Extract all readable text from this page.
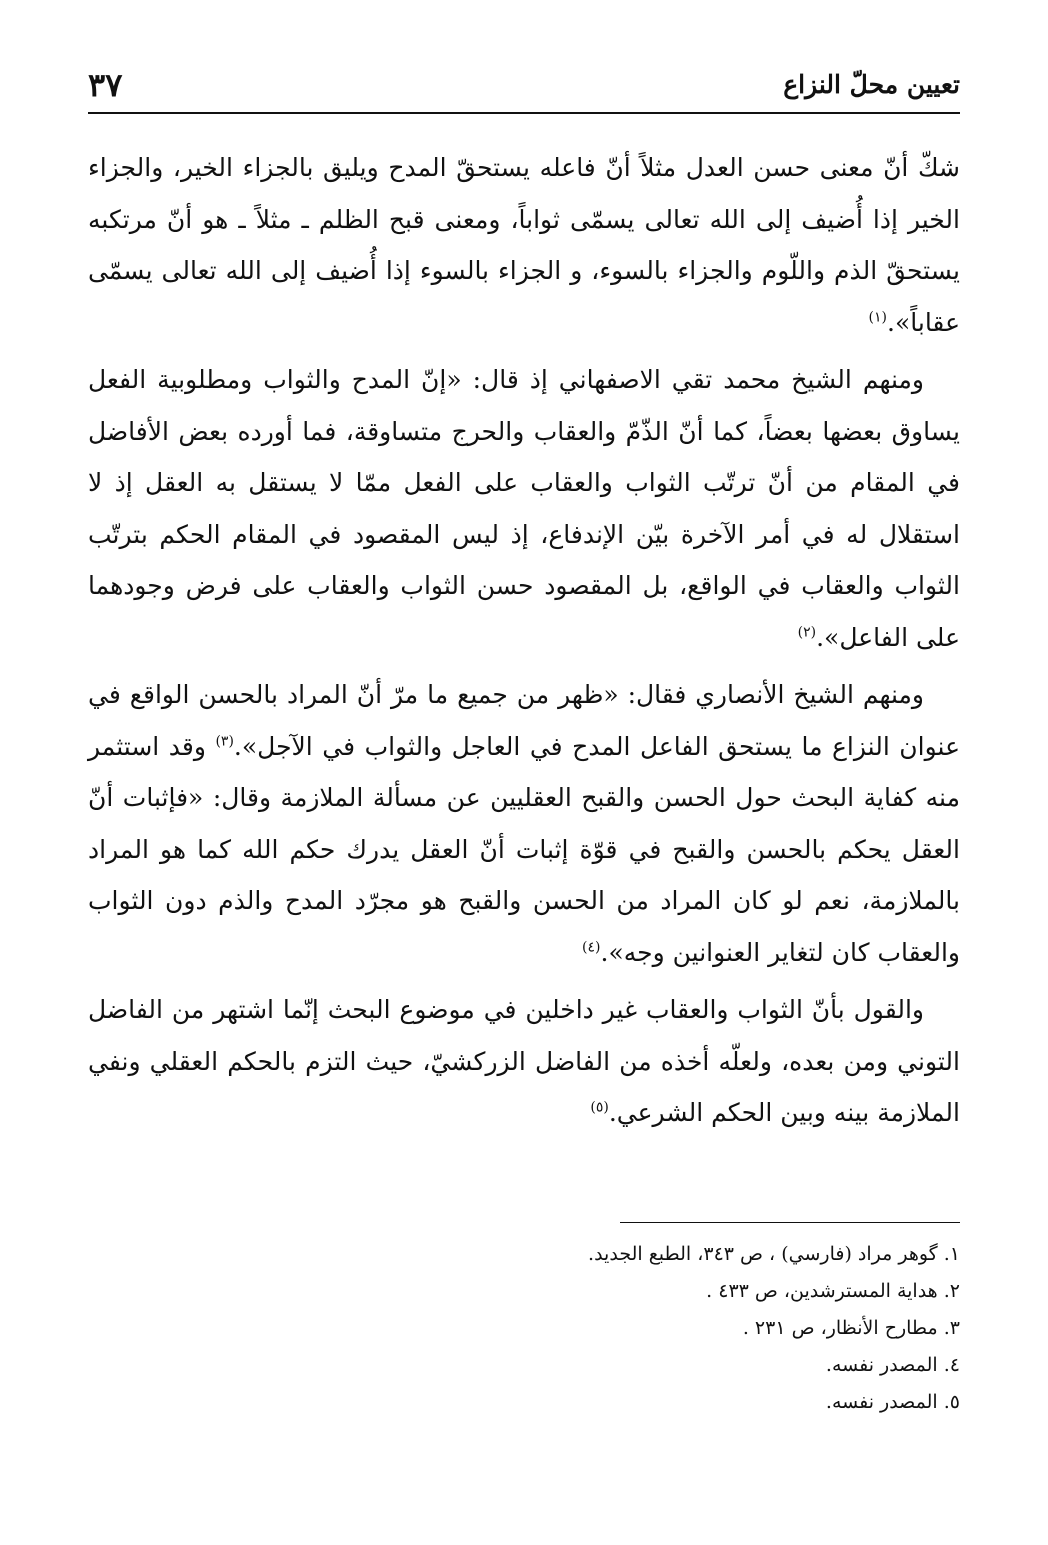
تعيين محلّ النزاع
٣٧

شكّ أنّ معنى حسن العدل مثلاً أنّ فاعله يستحقّ المدح ويليق بالجزاء الخير، والجزاء الخير إذا أُضيف إلى الله تعالى يسمّى ثواباً، ومعنى قبح الظلم ـ مثلاً ـ هو أنّ مرتكبه يستحقّ الذم واللّوم والجزاء بالسوء، و الجزاء بالسوء إذا أُضيف إلى الله تعالى يسمّى عقاباً».$^{(١)}$

ومنهم الشيخ محمد تقي الاصفهاني إذ قال: «إنّ المدح والثواب ومطلوبية الفعل يساوق بعضها بعضاً، كما أنّ الذّمّ والعقاب والحرج متساوقة، فما أورده بعض الأفاضل في المقام من أنّ ترتّب الثواب والعقاب على الفعل ممّا لا يستقل به العقل إذ لا استقلال له في أمر الآخرة بيّن الإندفاع، إذ ليس المقصود في المقام الحكم بترتّب الثواب والعقاب في الواقع، بل المقصود حسن الثواب والعقاب على فرض وجودهما على الفاعل».$^{(٢)}$

ومنهم الشيخ الأنصاري فقال: «ظهر من جميع ما مرّ أنّ المراد بالحسن الواقع في عنوان النزاع ما يستحق الفاعل المدح في العاجل والثواب في الآجل».$^{(٣)}$ وقد استثمر منه كفاية البحث حول الحسن والقبح العقليين عن مسألة الملازمة وقال: «فإثبات أنّ العقل يحكم بالحسن والقبح في قوّة إثبات أنّ العقل يدرك حكم الله كما هو المراد بالملازمة، نعم لو كان المراد من الحسن والقبح هو مجرّد المدح والذم دون الثواب والعقاب كان لتغاير العنوانين وجه».$^{(٤)}$

والقول بأنّ الثواب والعقاب غير داخلين في موضوع البحث إنّما اشتهر من الفاضل التوني ومن بعده، ولعلّه أخذه من الفاضل الزركشيّ، حيث التزم بالحكم العقلي ونفي الملازمة بينه وبين الحكم الشرعي.$^{(٥)}$

١. گوهر مراد (فارسي) ، ص ٣٤٣، الطبع الجديد.
٢. هداية المسترشدين، ص ٤٣٣ .
٣. مطارح الأنظار، ص ٢٣١ .
٤. المصدر نفسه.
٥. المصدر نفسه.
